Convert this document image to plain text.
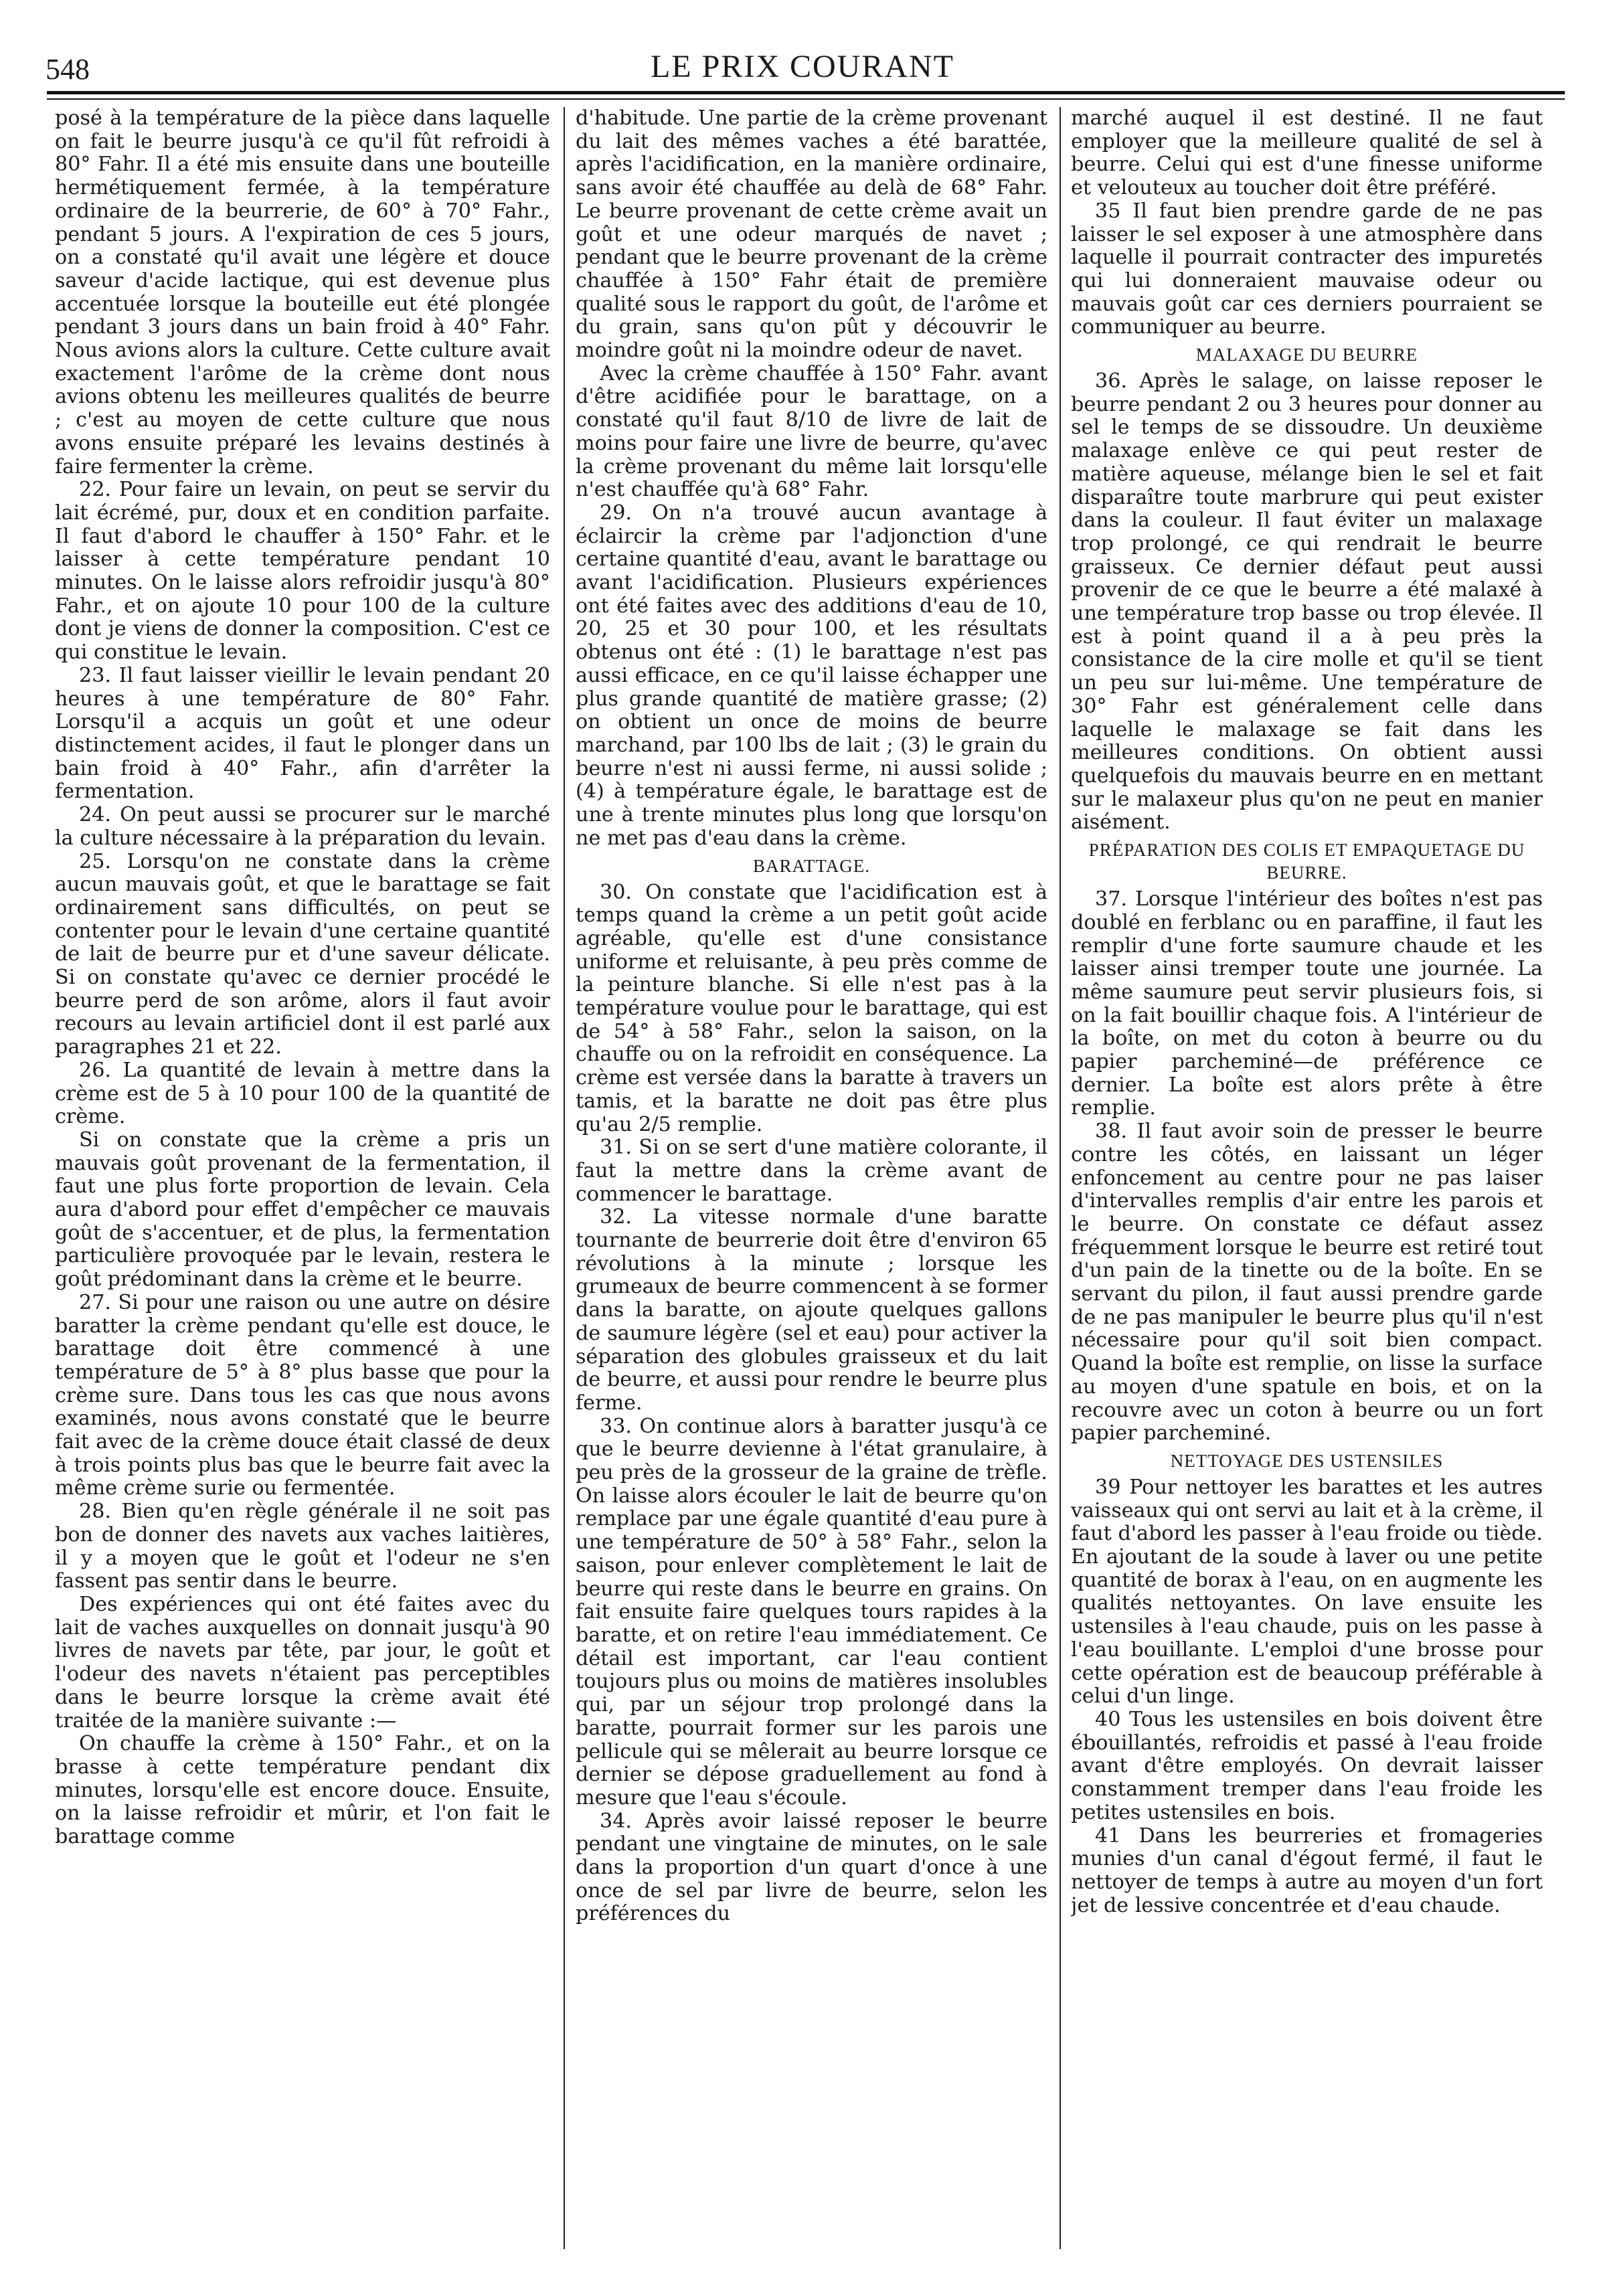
548	LE PRIX COURANT

posé à la température de la pièce dans laquelle on fait le beurre jusqu'à ce qu'il fût refroidi à 80° Fahr. Il a été mis ensuite dans une bouteille hermétiquement fermée, à la température ordinaire de la beurrerie, de 60° à 70° Fahr., pendant 5 jours. A l'expiration de ces 5 jours, on a constaté qu'il avait une légère et douce saveur d'acide lactique, qui est devenue plus accentuée lorsque la bouteille eut été plongée pendant 3 jours dans un bain froid à 40° Fahr. Nous avions alors la culture. Cette culture avait exactement l'arôme de la crème dont nous avions obtenu les meilleures qualités de beurre ; c'est au moyen de cette culture que nous avons ensuite préparé les levains destinés à faire fermenter la crème.

22. Pour faire un levain, on peut se servir du lait écrémé, pur, doux et en condition parfaite. Il faut d'abord le chauffer à 150° Fahr. et le laisser à cette température pendant 10 minutes. On le laisse alors refroidir jusqu'à 80° Fahr., et on ajoute 10 pour 100 de la culture dont je viens de donner la composition. C'est ce qui constitue le levain.

23. Il faut laisser vieillir le levain pendant 20 heures à une température de 80° Fahr. Lorsqu'il a acquis un goût et une odeur distinctement acides, il faut le plonger dans un bain froid à 40° Fahr., afin d'arrêter la fermentation.

24. On peut aussi se procurer sur le marché la culture nécessaire à la préparation du levain.

25. Lorsqu'on ne constate dans la crème aucun mauvais goût, et que le barattage se fait ordinairement sans difficultés, on peut se contenter pour le levain d'une certaine quantité de lait de beurre pur et d'une saveur délicate. Si on constate qu'avec ce dernier procédé le beurre perd de son arôme, alors il faut avoir recours au levain artificiel dont il est parlé aux paragraphes 21 et 22.

26. La quantité de levain à mettre dans la crème est de 5 à 10 pour 100 de la quantité de crème.

Si on constate que la crème a pris un mauvais goût provenant de la fermentation, il faut une plus forte proportion de levain. Cela aura d'abord pour effet d'empêcher ce mauvais goût de s'accentuer, et de plus, la fermentation particulière provoquée par le levain, restera le goût prédominant dans la crème et le beurre.

27. Si pour une raison ou une autre on désire baratter la crème pendant qu'elle est douce, le barattage doit être commencé à une température de 5° à 8° plus basse que pour la crème sure. Dans tous les cas que nous avons examinés, nous avons constaté que le beurre fait avec de la crème douce était classé de deux à trois points plus bas que le beurre fait avec la même crème surie ou fermentée.

28. Bien qu'en règle générale il ne soit pas bon de donner des navets aux vaches laitières, il y a moyen que le goût et l'odeur ne s'en fassent pas sentir dans le beurre.

Des expériences qui ont été faites avec du lait de vaches auxquelles on donnait jusqu'à 90 livres de navets par tête, par jour, le goût et l'odeur des navets n'étaient pas perceptibles dans le beurre lorsque la crème avait été traitée de la manière suivante :—

On chauffe la crème à 150° Fahr., et on la brasse à cette température pendant dix minutes, lorsqu'elle est encore douce. Ensuite, on la laisse refroidir et mûrir, et l'on fait le barattage comme

d'habitude. Une partie de la crème provenant du lait des mêmes vaches a été barattée, après l'acidification, en la manière ordinaire, sans avoir été chauffée au delà de 68° Fahr. Le beurre provenant de cette crème avait un goût et une odeur marqués de navet ; pendant que le beurre provenant de la crème chauffée à 150° Fahr était de première qualité sous le rapport du goût, de l'arôme et du grain, sans qu'on pût y découvrir le moindre goût ni la moindre odeur de navet.

Avec la crème chauffée à 150° Fahr. avant d'être acidifiée pour le barattage, on a constaté qu'il faut 8/10 de livre de lait de moins pour faire une livre de beurre, qu'avec la crème provenant du même lait lorsqu'elle n'est chauffée qu'à 68° Fahr.

29. On n'a trouvé aucun avantage à éclaircir la crème par l'adjonction d'une certaine quantité d'eau, avant le barattage ou avant l'acidification. Plusieurs expériences ont été faites avec des additions d'eau de 10, 20, 25 et 30 pour 100, et les résultats obtenus ont été : (1) le barattage n'est pas aussi efficace, en ce qu'il laisse échapper une plus grande quantité de matière grasse; (2) on obtient un once de moins de beurre marchand, par 100 lbs de lait ; (3) le grain du beurre n'est ni aussi ferme, ni aussi solide ; (4) à température égale, le barattage est de une à trente minutes plus long que lorsqu'on ne met pas d'eau dans la crème.

BARATTAGE.

30. On constate que l'acidification est à temps quand la crème a un petit goût acide agréable, qu'elle est d'une consistance uniforme et reluisante, à peu près comme de la peinture blanche. Si elle n'est pas à la température voulue pour le barattage, qui est de 54° à 58° Fahr., selon la saison, on la chauffe ou on la refroidit en conséquence. La crème est versée dans la baratte à travers un tamis, et la baratte ne doit pas être plus qu'au 2/5 remplie.

31. Si on se sert d'une matière colorante, il faut la mettre dans la crème avant de commencer le barattage.

32. La vitesse normale d'une baratte tournante de beurrerie doit être d'environ 65 révolutions à la minute ; lorsque les grumeaux de beurre commencent à se former dans la baratte, on ajoute quelques gallons de saumure légère (sel et eau) pour activer la séparation des globules graisseux et du lait de beurre, et aussi pour rendre le beurre plus ferme.

33. On continue alors à baratter jusqu'à ce que le beurre devienne à l'état granulaire, à peu près de la grosseur de la graine de trèfle. On laisse alors écouler le lait de beurre qu'on remplace par une égale quantité d'eau pure à une température de 50° à 58° Fahr., selon la saison, pour enlever complètement le lait de beurre qui reste dans le beurre en grains. On fait ensuite faire quelques tours rapides à la baratte, et on retire l'eau immédiatement. Ce détail est important, car l'eau contient toujours plus ou moins de matières insolubles qui, par un séjour trop prolongé dans la baratte, pourrait former sur les parois une pellicule qui se mêlerait au beurre lorsque ce dernier se dépose graduellement au fond à mesure que l'eau s'écoule.

34. Après avoir laissé reposer le beurre pendant une vingtaine de minutes, on le sale dans la proportion d'un quart d'once à une once de sel par livre de beurre, selon les préférences du

marché auquel il est destiné. Il ne faut employer que la meilleure qualité de sel à beurre. Celui qui est d'une finesse uniforme et velouteux au toucher doit être préféré.

35 Il faut bien prendre garde de ne pas laisser le sel exposer à une atmosphère dans laquelle il pourrait contracter des impuretés qui lui donneraient mauvaise odeur ou mauvais goût car ces derniers pourraient se communiquer au beurre.

MALAXAGE DU BEURRE

36. Après le salage, on laisse reposer le beurre pendant 2 ou 3 heures pour donner au sel le temps de se dissoudre. Un deuxième malaxage enlève ce qui peut rester de matière aqueuse, mélange bien le sel et fait disparaître toute marbrure qui peut exister dans la couleur. Il faut éviter un malaxage trop prolongé, ce qui rendrait le beurre graisseux. Ce dernier défaut peut aussi provenir de ce que le beurre a été malaxé à une température trop basse ou trop élevée. Il est à point quand il a à peu près la consistance de la cire molle et qu'il se tient un peu sur lui-même. Une température de 30° Fahr est généralement celle dans laquelle le malaxage se fait dans les meilleures conditions. On obtient aussi quelquefois du mauvais beurre en en mettant sur le malaxeur plus qu'on ne peut en manier aisément.

PRÉPARATION DES COLIS ET EMPAQUETAGE DU BEURRE.

37. Lorsque l'intérieur des boîtes n'est pas doublé en ferblanc ou en paraffine, il faut les remplir d'une forte saumure chaude et les laisser ainsi tremper toute une journée. La même saumure peut servir plusieurs fois, si on la fait bouillir chaque fois. A l'intérieur de la boîte, on met du coton à beurre ou du papier parcheminé—de préférence ce dernier. La boîte est alors prête à être remplie.

38. Il faut avoir soin de presser le beurre contre les côtés, en laissant un léger enfoncement au centre pour ne pas laiser d'intervalles remplis d'air entre les parois et le beurre. On constate ce défaut assez fréquemment lorsque le beurre est retiré tout d'un pain de la tinette ou de la boîte. En se servant du pilon, il faut aussi prendre garde de ne pas manipuler le beurre plus qu'il n'est nécessaire pour qu'il soit bien compact. Quand la boîte est remplie, on lisse la surface au moyen d'une spatule en bois, et on la recouvre avec un coton à beurre ou un fort papier parcheminé.

NETTOYAGE DES USTENSILES

39 Pour nettoyer les barattes et les autres vaisseaux qui ont servi au lait et à la crème, il faut d'abord les passer à l'eau froide ou tiède. En ajoutant de la soude à laver ou une petite quantité de borax à l'eau, on en augmente les qualités nettoyantes. On lave ensuite les ustensiles à l'eau chaude, puis on les passe à l'eau bouillante. L'emploi d'une brosse pour cette opération est de beaucoup préférable à celui d'un linge.

40 Tous les ustensiles en bois doivent être ébouillantés, refroidis et passé à l'eau froide avant d'être employés. On devrait laisser constamment tremper dans l'eau froide les petites ustensiles en bois.

41 Dans les beurreries et fromageries munies d'un canal d'égout fermé, il faut le nettoyer de temps à autre au moyen d'un fort jet de lessive concentrée et d'eau chaude.
